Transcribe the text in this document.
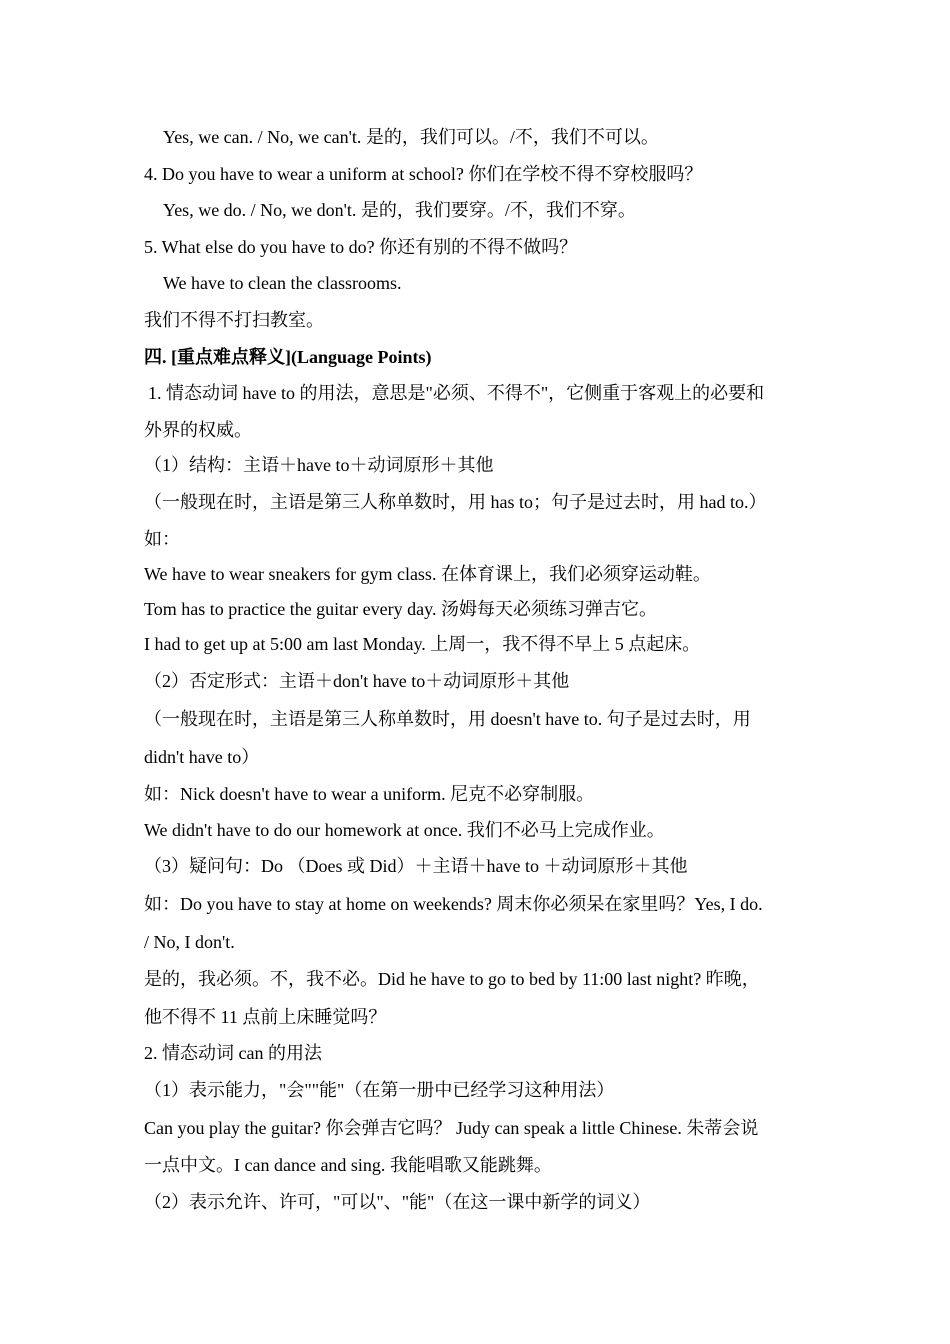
Yes, we can. / No, we can't. 是的，我们可以。/不，我们不可以。
4. Do you have to wear a uniform at school? 你们在学校不得不穿校服吗？
Yes, we do. / No, we don't. 是的，我们要穿。/不，我们不穿。
5. What else do you have to do? 你还有别的不得不做吗？
We have to clean the classrooms.
我们不得不打扫教室。
四. [重点难点释义](Language Points)
1. 情态动词 have to 的用法，意思是"必须、不得不"，它侧重于客观上的必要和
外界的权威。
（1）结构：主语＋have to＋动词原形＋其他
（一般现在时，主语是第三人称单数时，用 has to；句子是过去时，用 had to.）
如：
We have to wear sneakers for gym class. 在体育课上，我们必须穿运动鞋。
Tom has to practice the guitar every day. 汤姆每天必须练习弹吉它。
I had to get up at 5:00 am last Monday. 上周一，我不得不早上 5 点起床。
（2）否定形式：主语＋don't have to＋动词原形＋其他
（一般现在时，主语是第三人称单数时，用 doesn't have to. 句子是过去时，用
didn't have to）
如：Nick doesn't have to wear a uniform. 尼克不必穿制服。
We didn't have to do our homework at once. 我们不必马上完成作业。
（3）疑问句：Do （Does 或 Did）＋主语＋have to ＋动词原形＋其他
如：Do you have to stay at home on weekends? 周末你必须呆在家里吗？Yes, I do.
/ No, I don't.
是的，我必须。不，我不必。Did he have to go to bed by 11:00 last night? 昨晚，
他不得不 11 点前上床睡觉吗？
2. 情态动词 can 的用法
（1）表示能力，"会""能"（在第一册中已经学习这种用法）
Can you play the guitar? 你会弹吉它吗？ Judy can speak a little Chinese. 朱蒂会说
一点中文。I can dance and sing. 我能唱歌又能跳舞。
（2）表示允许、许可，"可以"、"能"（在这一课中新学的词义）
